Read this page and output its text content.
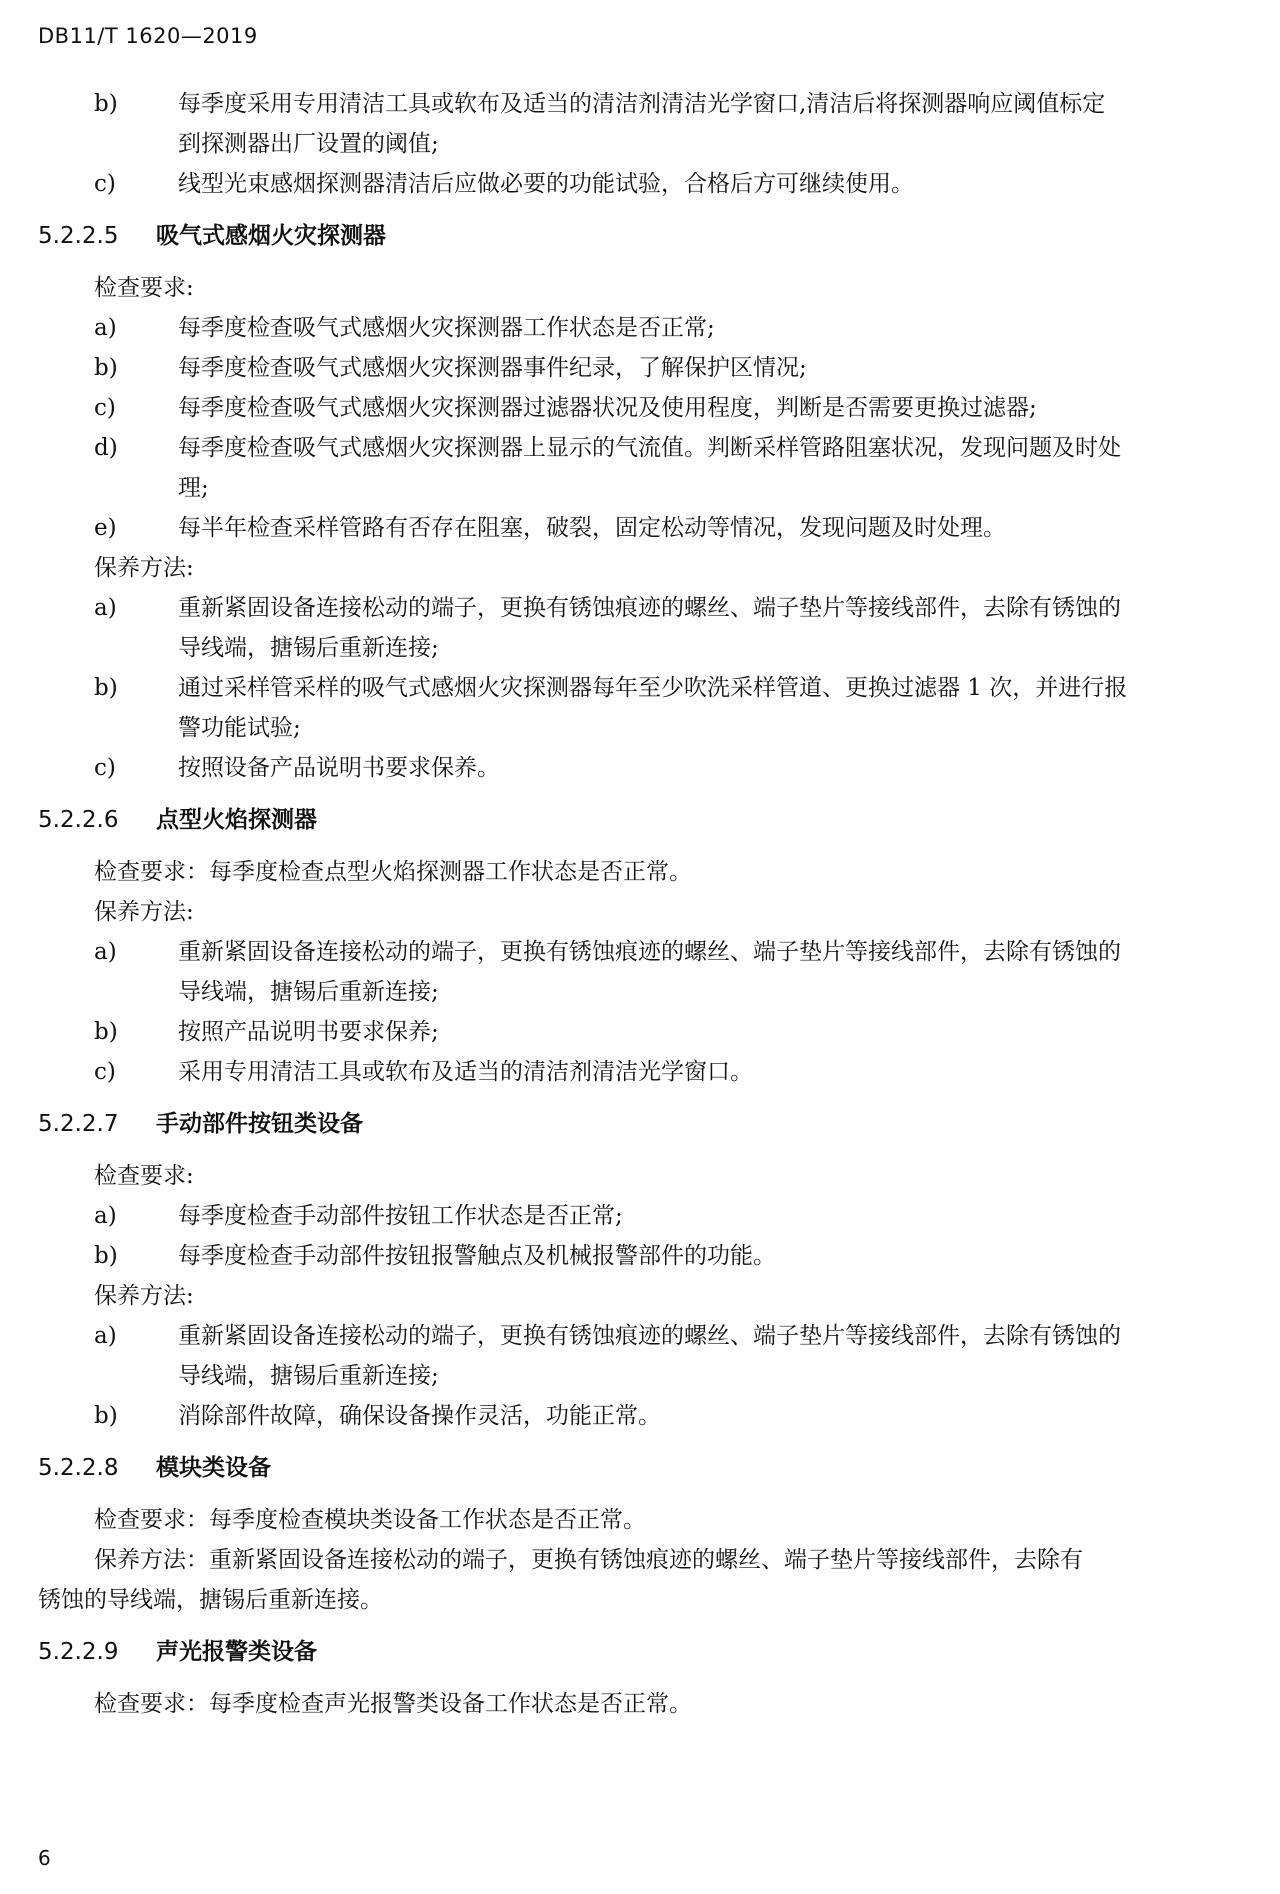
DB11/T 1620—2019
b)	每季度采用专用清洁工具或软布及适当的清洁剂清洁光学窗口,清洁后将探测器响应阈值标定
到探测器出厂设置的阈值;
c)	线型光束感烟探测器清洁后应做必要的功能试验，合格后方可继续使用。
5.2.2.5 吸气式感烟火灾探测器
检查要求:
a)	每季度检查吸气式感烟火灾探测器工作状态是否正常;
b)	每季度检查吸气式感烟火灾探测器事件纪录，了解保护区情况;
c)	每季度检查吸气式感烟火灾探测器过滤器状况及使用程度，判断是否需要更换过滤器;
d)	每季度检查吸气式感烟火灾探测器上显示的气流值。判断采样管路阻塞状况，发现问题及时处
理;
e)	每半年检查采样管路有否存在阻塞，破裂，固定松动等情况，发现问题及时处理。
保养方法:
a)	重新紧固设备连接松动的端子，更换有锈蚀痕迹的螺丝、端子垫片等接线部件，去除有锈蚀的
导线端，搪锡后重新连接;
b)	通过采样管采样的吸气式感烟火灾探测器每年至少吹洗采样管道、更换过滤器 1 次，并进行报
警功能试验;
c)	按照设备产品说明书要求保养。
5.2.2.6 点型火焰探测器
检查要求：每季度检查点型火焰探测器工作状态是否正常。
保养方法:
a)	重新紧固设备连接松动的端子，更换有锈蚀痕迹的螺丝、端子垫片等接线部件，去除有锈蚀的
导线端，搪锡后重新连接;
b)	按照产品说明书要求保养;
c)	采用专用清洁工具或软布及适当的清洁剂清洁光学窗口。
5.2.2.7 手动部件按钮类设备
检查要求:
a)	每季度检查手动部件按钮工作状态是否正常;
b)	每季度检查手动部件按钮报警触点及机械报警部件的功能。
保养方法:
a)	重新紧固设备连接松动的端子，更换有锈蚀痕迹的螺丝、端子垫片等接线部件，去除有锈蚀的
导线端，搪锡后重新连接;
b)	消除部件故障，确保设备操作灵活，功能正常。
5.2.2.8 模块类设备
检查要求：每季度检查模块类设备工作状态是否正常。
保养方法：重新紧固设备连接松动的端子，更换有锈蚀痕迹的螺丝、端子垫片等接线部件，去除有
锈蚀的导线端，搪锡后重新连接。
5.2.2.9 声光报警类设备
检查要求：每季度检查声光报警类设备工作状态是否正常。
6
